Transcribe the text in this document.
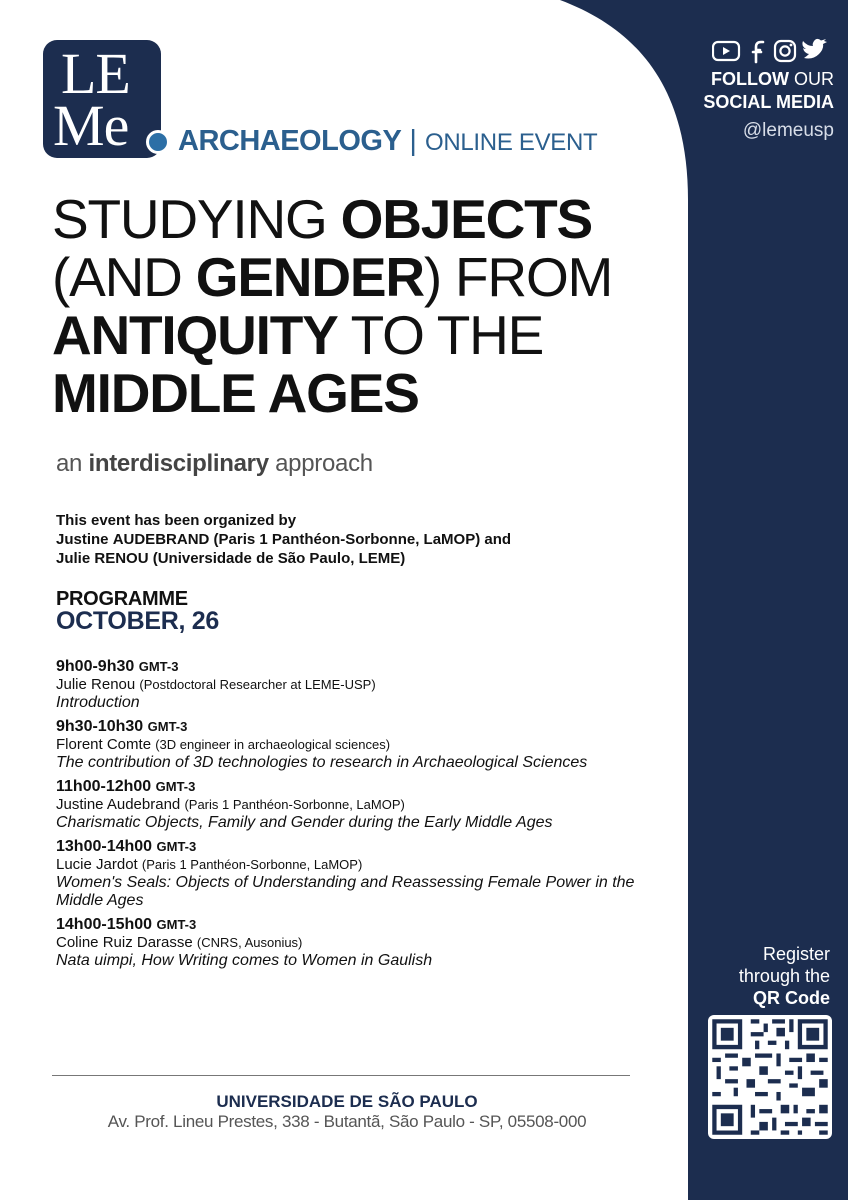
LE
Me ARCHAEOLOGY | ONLINE EVENT
STUDYING OBJECTS
(AND GENDER) FROM
ANTIQUITY TO THE
MIDDLE AGES
an interdisciplinary approach
This event has been organized by
Justine AUDEBRAND (Paris 1 Panthéon-Sorbonne, LaMOP) and
Julie RENOU (Universidade de São Paulo, LEME)
PROGRAMME
OCTOBER, 26
9h00-9h30 GMT-3
Julie Renou (Postdoctoral Researcher at LEME-USP)
Introduction
9h30-10h30 GMT-3
Florent Comte (3D engineer in archaeological sciences)
The contribution of 3D technologies to research in Archaeological Sciences
11h00-12h00 GMT-3
Justine Audebrand (Paris 1 Panthéon-Sorbonne, LaMOP)
Charismatic Objects, Family and Gender during the Early Middle Ages
13h00-14h00 GMT-3
Lucie Jardot (Paris 1 Panthéon-Sorbonne, LaMOP)
Women's Seals: Objects of Understanding and Reassessing Female Power in the Middle Ages
14h00-15h00 GMT-3
Coline Ruiz Darasse (CNRS, Ausonius)
Nata uimpi, How Writing comes to Women in Gaulish
UNIVERSIDADE DE SÃO PAULO
Av. Prof. Lineu Prestes, 338 - Butantã, São Paulo - SP, 05508-000
FOLLOW OUR
SOCIAL MEDIA
@lemeusp
Register
through the
QR Code
